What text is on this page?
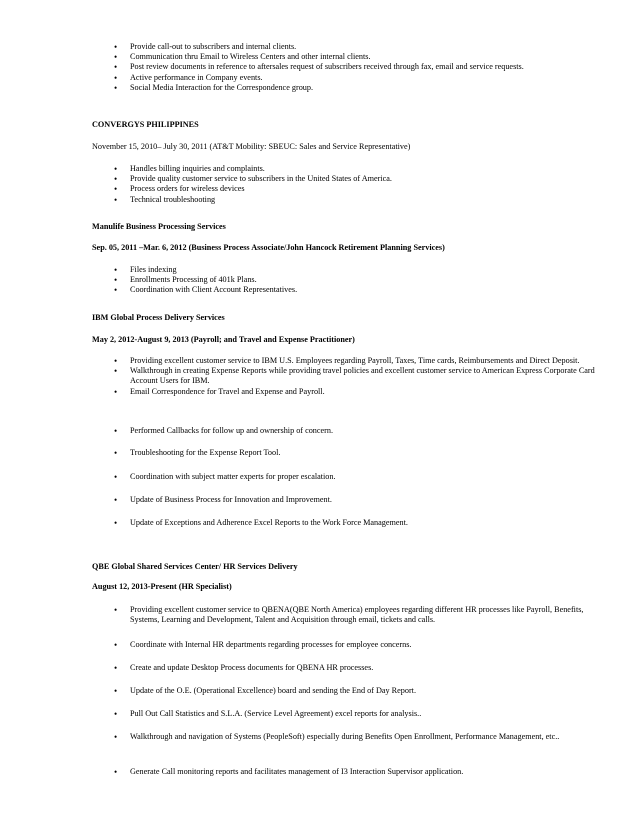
• Provide call-out to subscribers and internal clients.
• Communication thru Email to Wireless Centers and other internal clients.
• Post review documents in reference to aftersales request of subscribers received through fax, email and service requests.
• Active performance in Company events.
• Social Media Interaction for the Correspondence group.
CONVERGYS PHILIPPINES
November 15, 2010– July 30, 2011 (AT&T Mobility: SBEUC: Sales and Service Representative)
• Handles billing inquiries and complaints.
• Provide quality customer service to subscribers in the United States of America.
• Process orders for wireless devices
• Technical troubleshooting
Manulife Business Processing Services
Sep. 05, 2011 –Mar. 6, 2012 (Business Process Associate/John Hancock Retirement Planning Services)
• Files indexing
• Enrollments Processing of 401k Plans.
• Coordination with Client Account Representatives.
IBM Global Process Delivery Services
May 2, 2012-August 9, 2013 (Payroll; and Travel and Expense Practitioner)
• Providing excellent customer service to IBM U.S. Employees regarding Payroll, Taxes, Time cards, Reimbursements and Direct Deposit.
• Walkthrough in creating Expense Reports while providing travel policies and excellent customer service to American Express Corporate Card Account Users for IBM.
• Email Correspondence for Travel and Expense and Payroll.
• Performed Callbacks for follow up and ownership of concern.
• Troubleshooting for the Expense Report Tool.
• Coordination with subject matter experts for proper escalation.
• Update of Business Process for Innovation and Improvement.
• Update of Exceptions and Adherence Excel Reports to the Work Force Management.
QBE Global Shared Services Center/ HR Services Delivery
August 12, 2013-Present (HR Specialist)
• Providing excellent customer service to QBENA(QBE North America) employees regarding different HR processes like Payroll, Benefits, Systems, Learning and Development, Talent and Acquisition through email, tickets and calls.
• Coordinate with Internal HR departments regarding processes for employee concerns.
• Create and update Desktop Process documents for QBENA HR processes.
• Update of the O.E. (Operational Excellence) board and sending the End of Day Report.
• Pull Out Call Statistics and S.L.A. (Service Level Agreement) excel reports for analysis..
• Walkthrough and navigation of Systems (PeopleSoft) especially during Benefits Open Enrollment, Performance Management, etc..
• Generate Call monitoring reports and facilitates management of I3 Interaction Supervisor application.
